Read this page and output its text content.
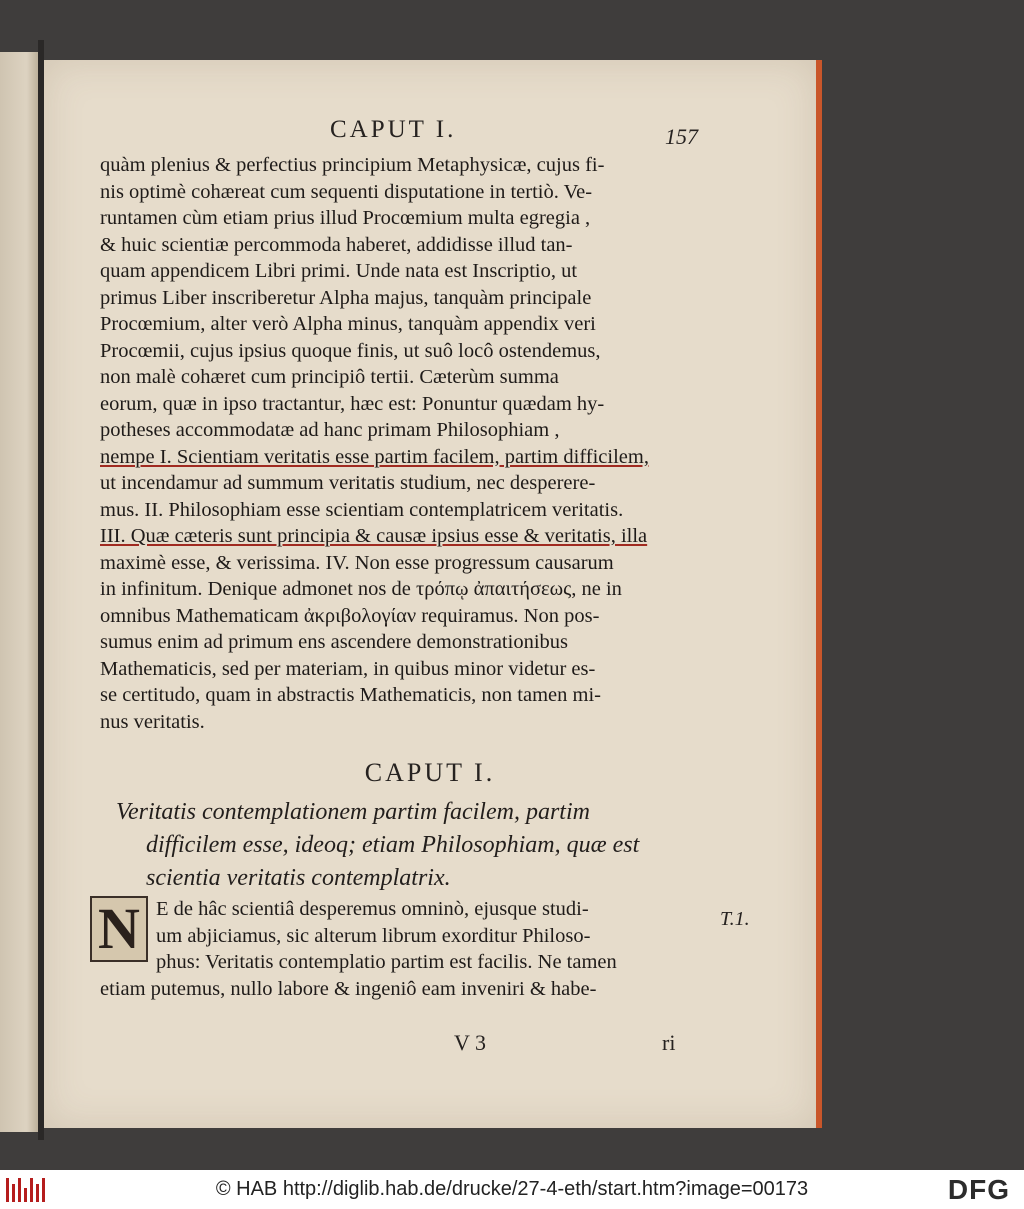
CAPUT I.	157

quàm plenius & perfectius principium Metaphysicæ, cujus fi-

nis optimè cohæreat cum sequenti disputatione in tertiò. Ve-

runtamen cùm etiam prius illud Procœmium multa egregia ,

& huic scientiæ percommoda haberet, addidisse illud tan-

quam appendicem Libri primi. Unde nata est Inscriptio, ut

primus Liber inscriberetur Alpha majus, tanquàm principale

Procœmium, alter verò Alpha minus, tanquàm appendix veri

Procœmii, cujus ipsius quoque finis, ut suô locô ostendemus,

non malè cohæret cum principiô tertii. Cæterùm summa

eorum, quæ in ipso tractantur, hæc est: Ponuntur quædam hy-

potheses accommodatæ ad hanc primam Philosophiam ,

nempe I. Scientiam veritatis esse partim facilem, partim difficilem,

ut incendamur ad summum veritatis studium, nec desperere-

mus. II. Philosophiam esse scientiam contemplatricem veritatis.

III. Quæ cæteris sunt principia & causæ ipsius esse & veritatis, illa

maximè esse, & verissima. IV. Non esse progressum causarum

in infinitum. Denique admonet nos de τρόπῳ ἀπαιτήσεως, ne in

omnibus Mathematicam ἀκριβολογίαν requiramus. Non pos-

sumus enim ad primum ens ascendere demonstrationibus

Mathematicis, sed per materiam, in quibus minor videtur es-

se certitudo, quam in abstractis Mathematicis, non tamen mi-

nus veritatis.

CAPUT I.
Veritatis contemplationem partim facilem, partim
difficilem esse, ideoq; etiam Philosophiam, quæ est
scientia veritatis contemplatrix.
N E de hâc scientiâ desperemus omninò, ejusque studi-
um abjiciamus, sic alterum librum exorditur Philoso-
phus: Veritatis contemplatio partim est facilis. Ne tamen
etiam putemus, nullo labore & ingeniô eam inveniri & habe-
T.1.
V 3	ri
© HAB http://diglib.hab.de/drucke/27-4-eth/start.htm?image=00173	DFG
